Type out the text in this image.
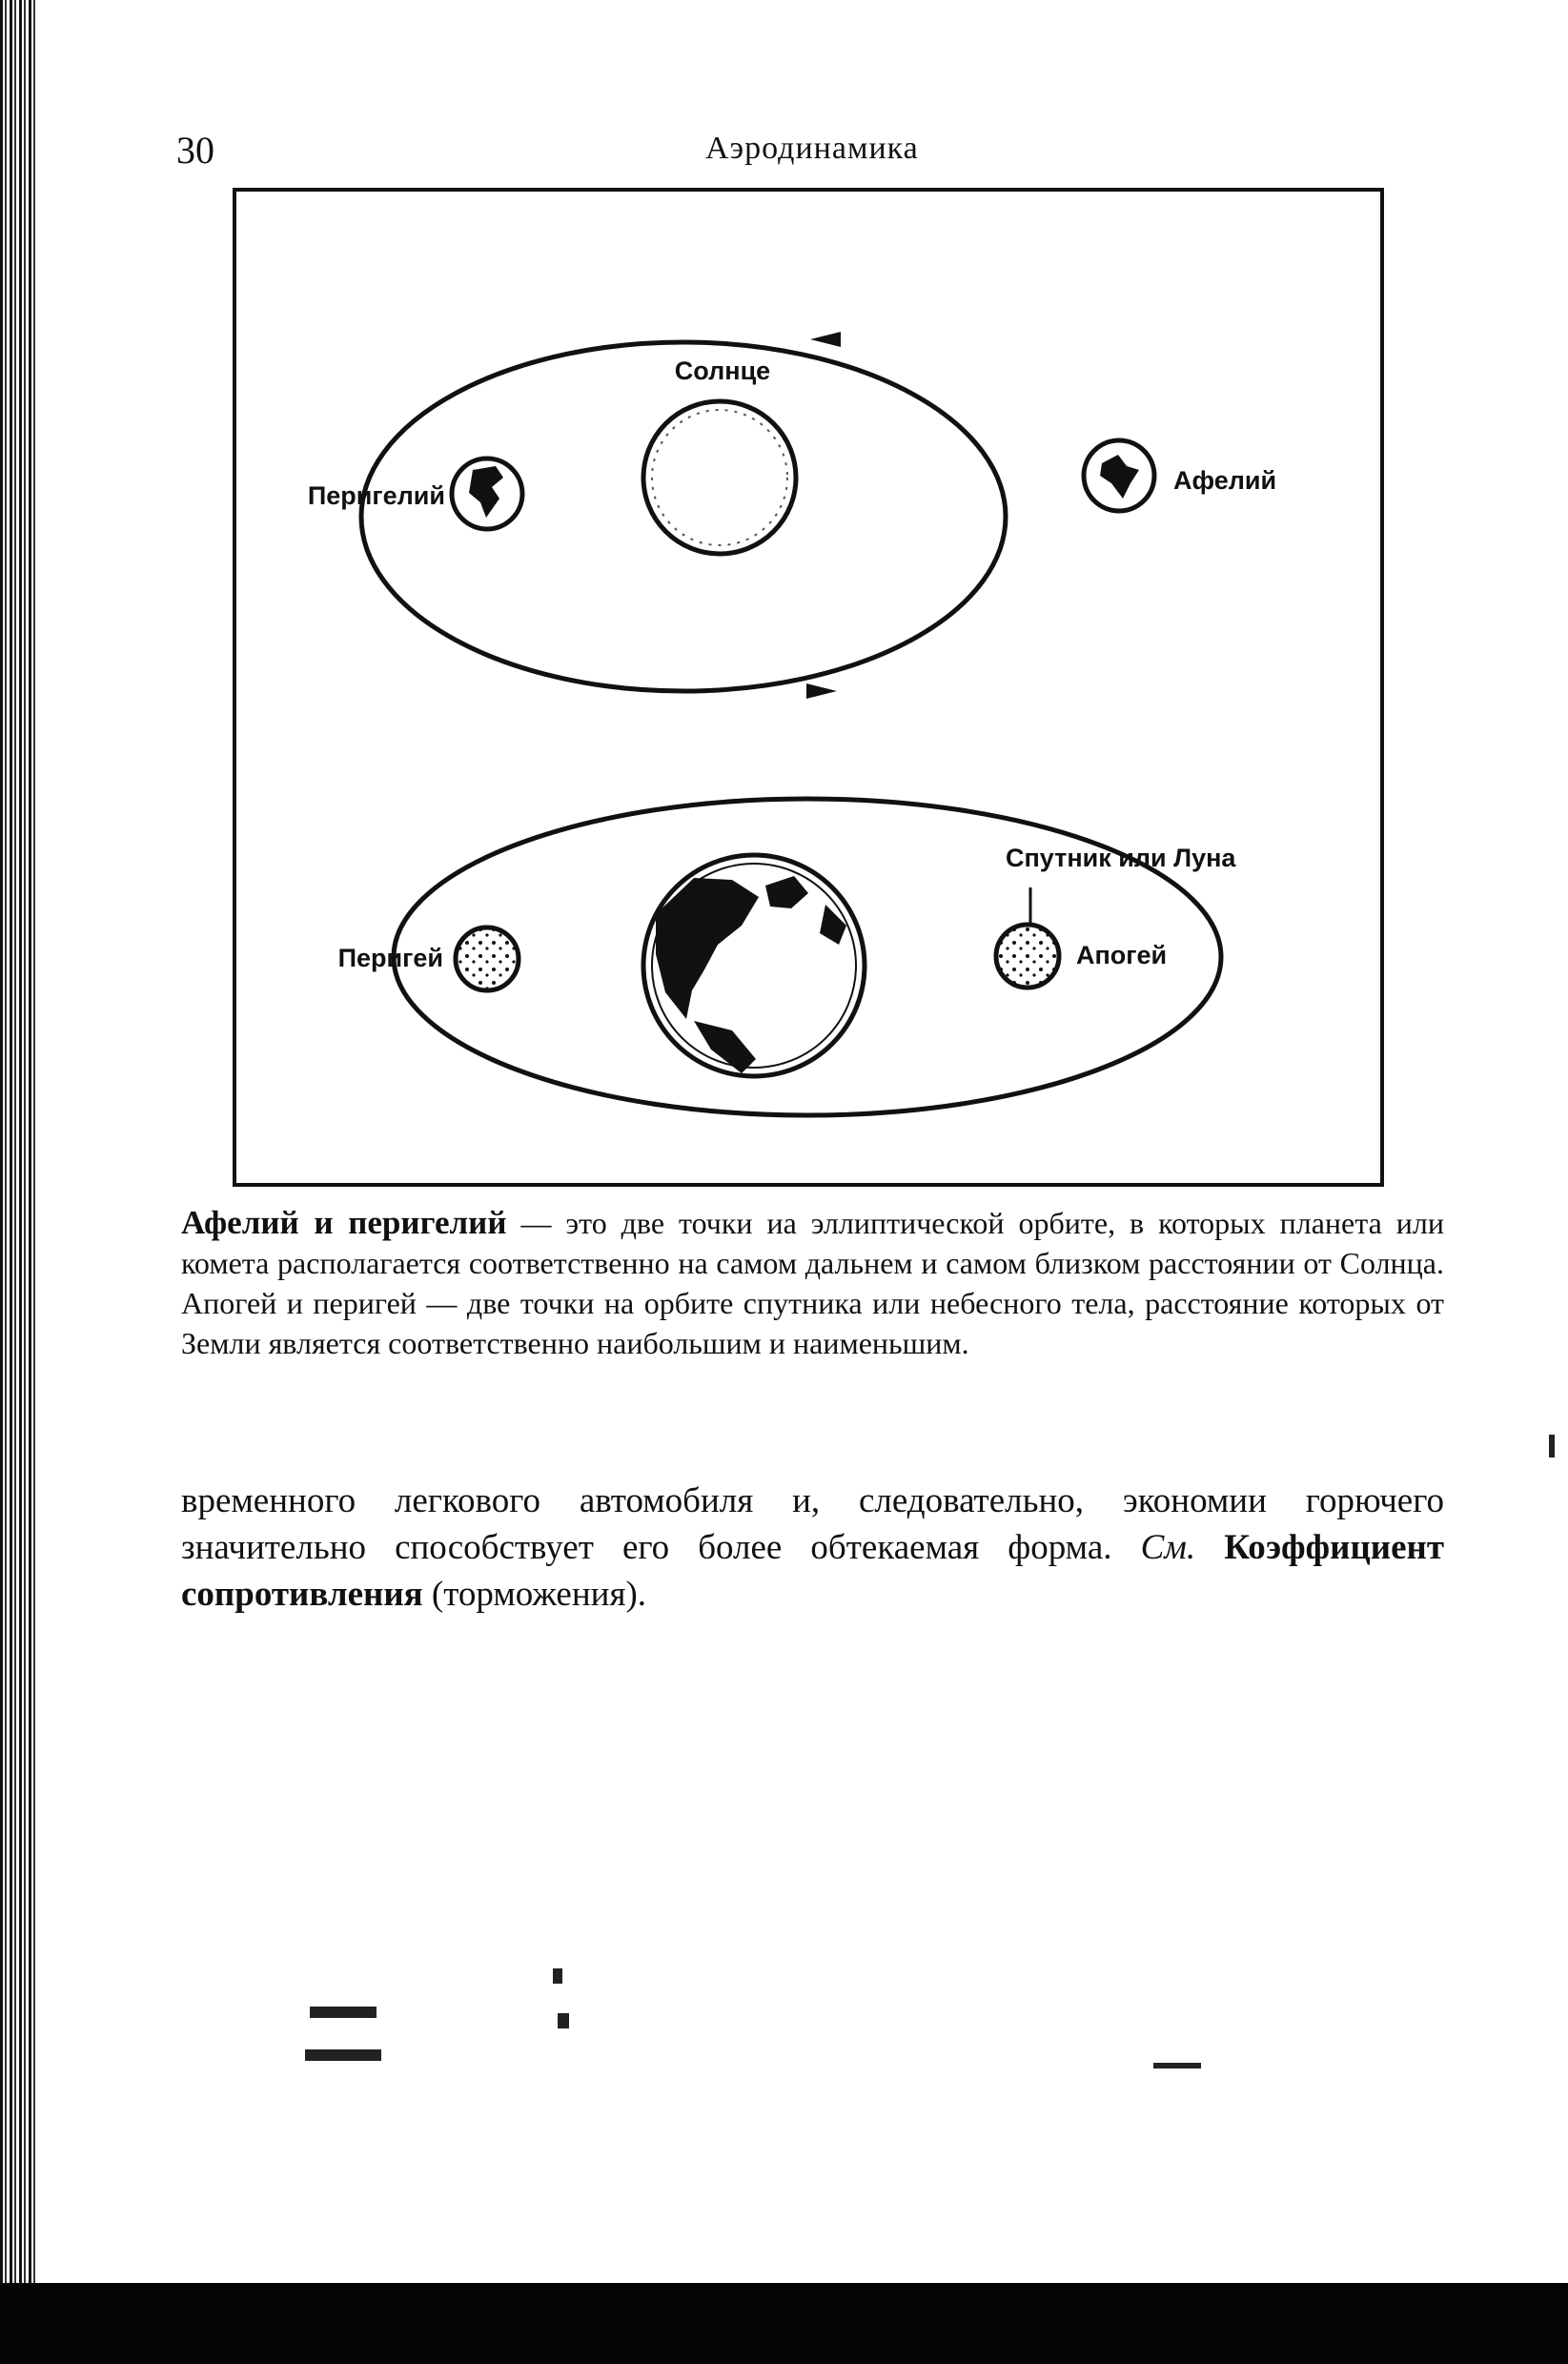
30	Аэродинамика
Солнце
Перигелий
Афелий
Перигей
Спутник или Луна
Апогей
Афелий и перигелий — это две точки иа эллиптической орбите, в которых планета или комета располагается соответственно на самом дальнем и самом близком расстоянии от Солнца. Апогей и перигей — две точки на орбите спутника или небесного тела, расстояние которых от Земли является соответственно наибольшим и наименьшим.
временного легкового автомобиля и, следовательно, экономии горючего значительно способствует его более обтекаемая форма. См. Коэффициент сопротивления (торможения).
